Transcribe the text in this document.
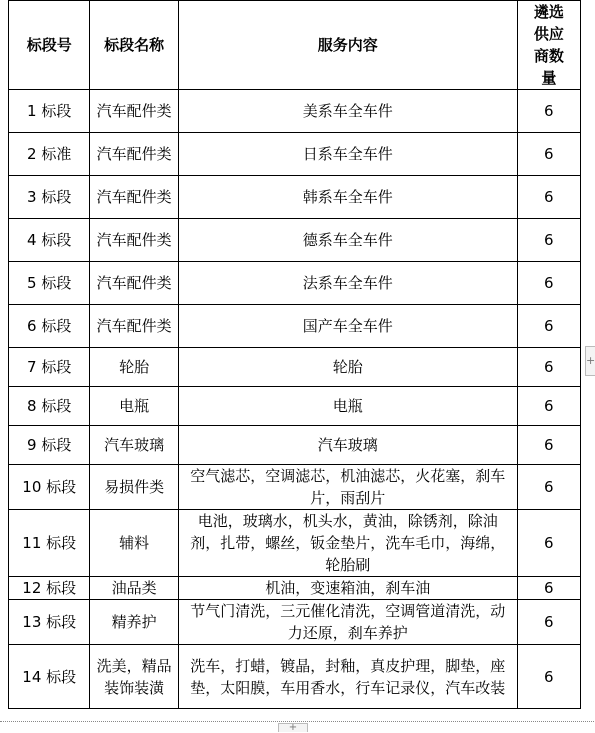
标段号	标段名称	服务内容	遴选供应商数量
1 标段	汽车配件类	美系车全车件	6
2 标准	汽车配件类	日系车全车件	6
3 标段	汽车配件类	韩系车全车件	6
4 标段	汽车配件类	德系车全车件	6
5 标段	汽车配件类	法系车全车件	6
6 标段	汽车配件类	国产车全车件	6
7 标段	轮胎	轮胎	6
8 标段	电瓶	电瓶	6
9 标段	汽车玻璃	汽车玻璃	6
10 标段	易损件类	空气滤芯，空调滤芯，机油滤芯，火花塞，刹车片，雨刮片	6
11 标段	辅料	电池，玻璃水，机头水，黄油，除锈剂，除油剂，扎带，螺丝，钣金垫片，洗车毛巾，海绵，轮胎刷	6
12 标段	油品类	机油，变速箱油，刹车油	6
13 标段	精养护	节气门清洗，三元催化清洗，空调管道清洗，动力还原，刹车养护	6
14 标段	洗美，精品装饰装潢	洗车，打蜡，镀晶，封釉，真皮护理，脚垫，座垫，太阳膜，车用香水，行车记录仪，汽车改装	6
+
+
